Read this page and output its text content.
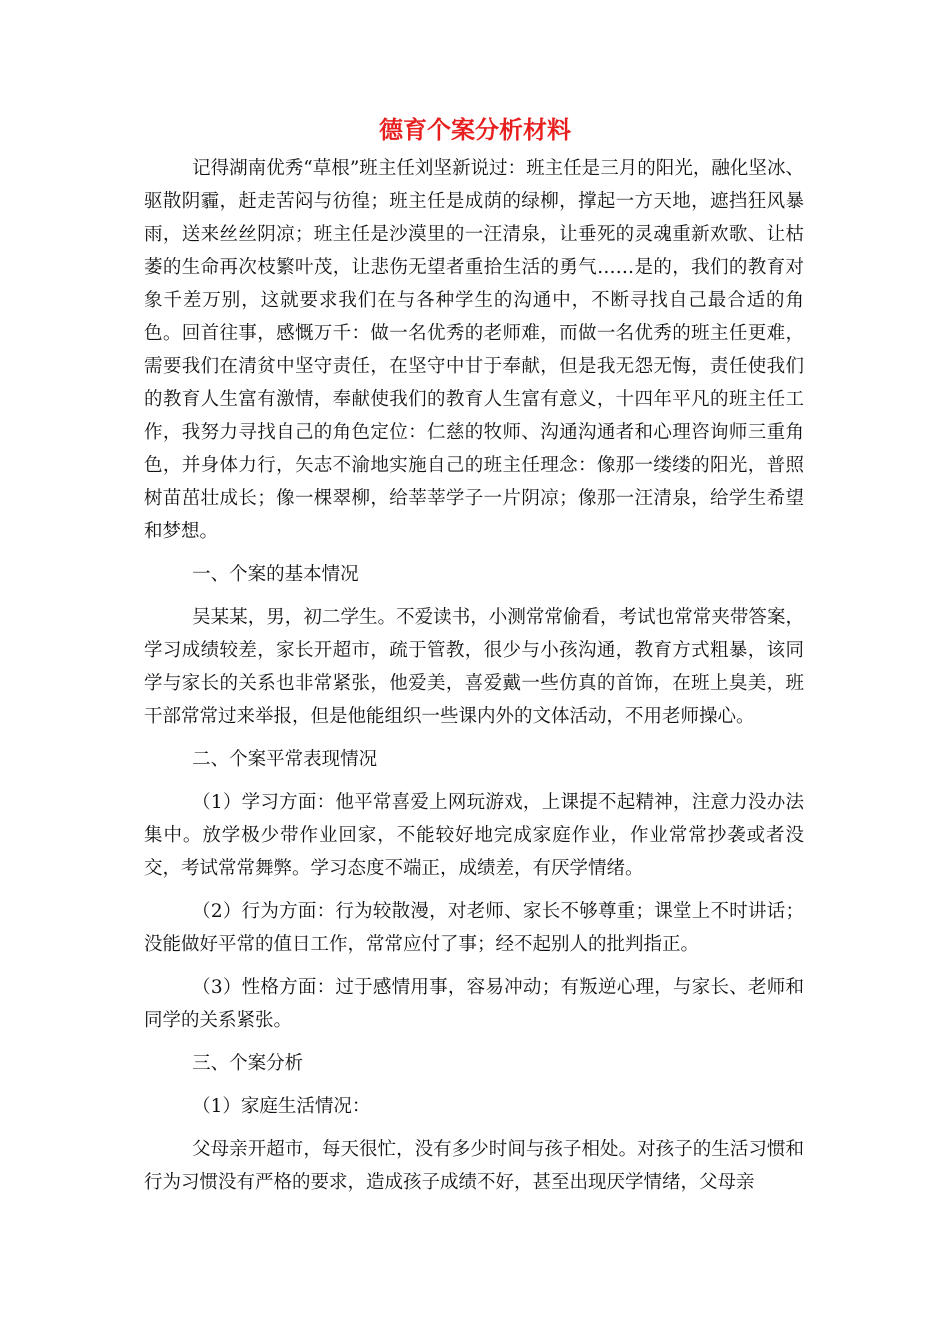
德育个案分析材料

记得湖南优秀“草根”班主任刘坚新说过：班主任是三月的阳光，融化坚冰、驱散阴霾，赶走苦闷与彷徨；班主任是成荫的绿柳，撑起一方天地，遮挡狂风暴雨，送来丝丝阴凉；班主任是沙漠里的一汪清泉，让垂死的灵魂重新欢歌、让枯萎的生命再次枝繁叶茂，让悲伤无望者重拾生活的勇气……是的，我们的教育对象千差万别，这就要求我们在与各种学生的沟通中，不断寻找自己最合适的角色。回首往事，感慨万千：做一名优秀的老师难，而做一名优秀的班主任更难，需要我们在清贫中坚守责任，在坚守中甘于奉献，但是我无怨无悔，责任使我们的教育人生富有激情，奉献使我们的教育人生富有意义，十四年平凡的班主任工作，我努力寻找自己的角色定位：仁慈的牧师、沟通沟通者和心理咨询师三重角色，并身体力行，矢志不渝地实施自己的班主任理念：像那一缕缕的阳光，普照树苗茁壮成长；像一棵翠柳，给莘莘学子一片阴凉；像那一汪清泉，给学生希望和梦想。

一、个案的基本情况

吴某某，男，初二学生。不爱读书，小测常常偷看，考试也常常夹带答案，学习成绩较差，家长开超市，疏于管教，很少与小孩沟通，教育方式粗暴，该同学与家长的关系也非常紧张，他爱美，喜爱戴一些仿真的首饰，在班上臭美，班干部常常过来举报，但是他能组织一些课内外的文体活动，不用老师操心。

二、个案平常表现情况

（1）学习方面：他平常喜爱上网玩游戏，上课提不起精神，注意力没办法集中。放学极少带作业回家，不能较好地完成家庭作业，作业常常抄袭或者没交，考试常常舞弊。学习态度不端正，成绩差，有厌学情绪。

（2）行为方面：行为较散漫，对老师、家长不够尊重；课堂上不时讲话；没能做好平常的值日工作，常常应付了事；经不起别人的批判指正。

（3）性格方面：过于感情用事，容易冲动；有叛逆心理，与家长、老师和同学的关系紧张。

三、个案分析

（1）家庭生活情况：

父母亲开超市，每天很忙，没有多少时间与孩子相处。对孩子的生活习惯和行为习惯没有严格的要求，造成孩子成绩不好，甚至出现厌学情绪，父母亲
